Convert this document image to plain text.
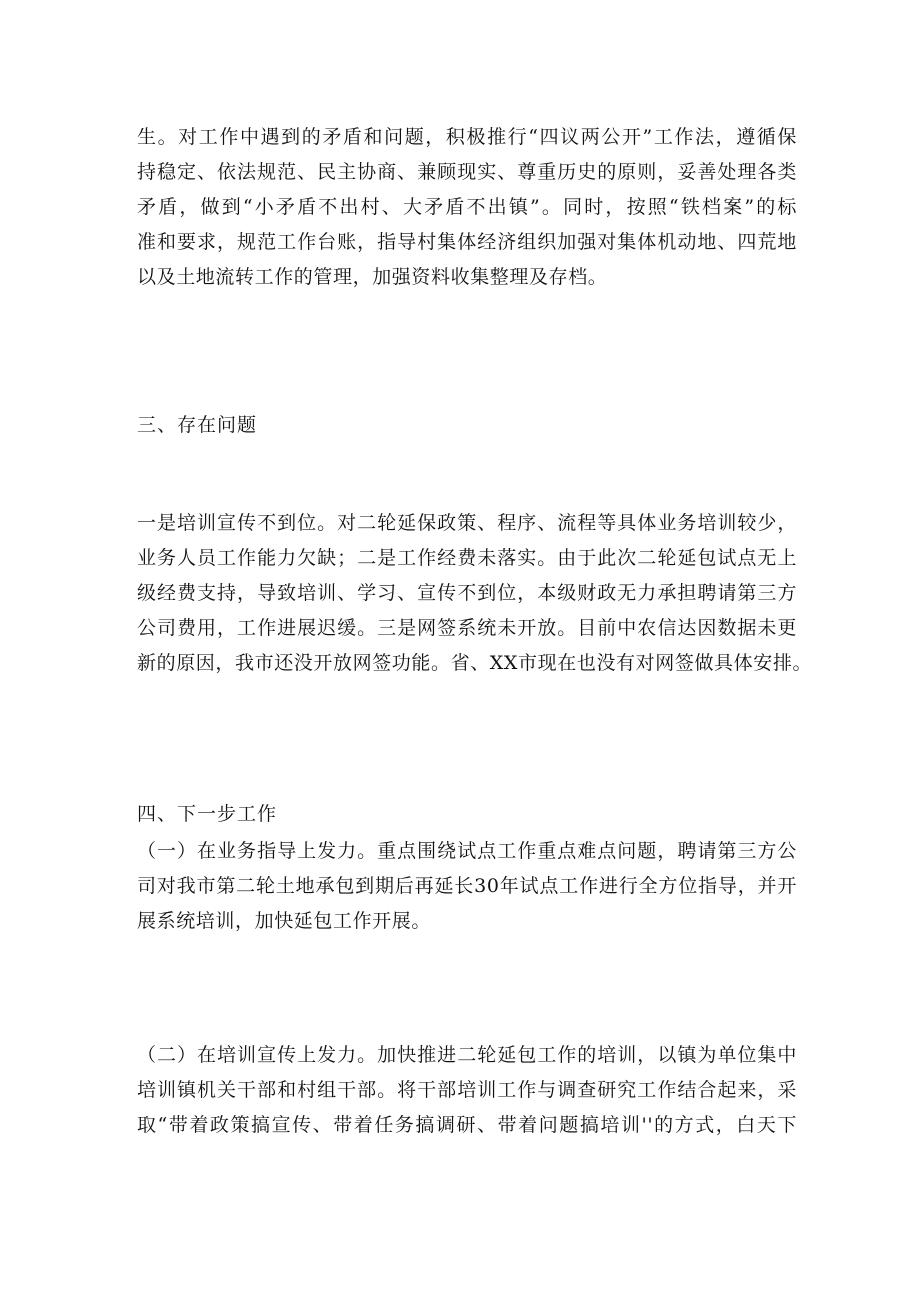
生。对工作中遇到的矛盾和问题，积极推行“四议两公开”工作法，遵循保
持稳定、依法规范、民主协商、兼顾现实、尊重历史的原则，妥善处理各类
矛盾，做到“小矛盾不出村、大矛盾不出镇”。同时，按照“铁档案”的标
准和要求，规范工作台账，指导村集体经济组织加强对集体机动地、四荒地
以及土地流转工作的管理，加强资料收集整理及存档。
三、存在问题
一是培训宣传不到位。对二轮延保政策、程序、流程等具体业务培训较少，
业务人员工作能力欠缺；二是工作经费未落实。由于此次二轮延包试点无上
级经费支持，导致培训、学习、宣传不到位，本级财政无力承担聘请第三方
公司费用，工作进展迟缓。三是网签系统未开放。目前中农信达因数据未更
新的原因，我市还没开放网签功能。省、XX市现在也没有对网签做具体安排。
四、下一步工作
（一）在业务指导上发力。重点围绕试点工作重点难点问题，聘请第三方公
司对我市第二轮土地承包到期后再延长30年试点工作进行全方位指导，并开
展系统培训，加快延包工作开展。
（二）在培训宣传上发力。加快推进二轮延包工作的培训，以镇为单位集中
培训镇机关干部和村组干部。将干部培训工作与调查研究工作结合起来，采
取“带着政策搞宣传、带着任务搞调研、带着问题搞培训''的方式，白天下
